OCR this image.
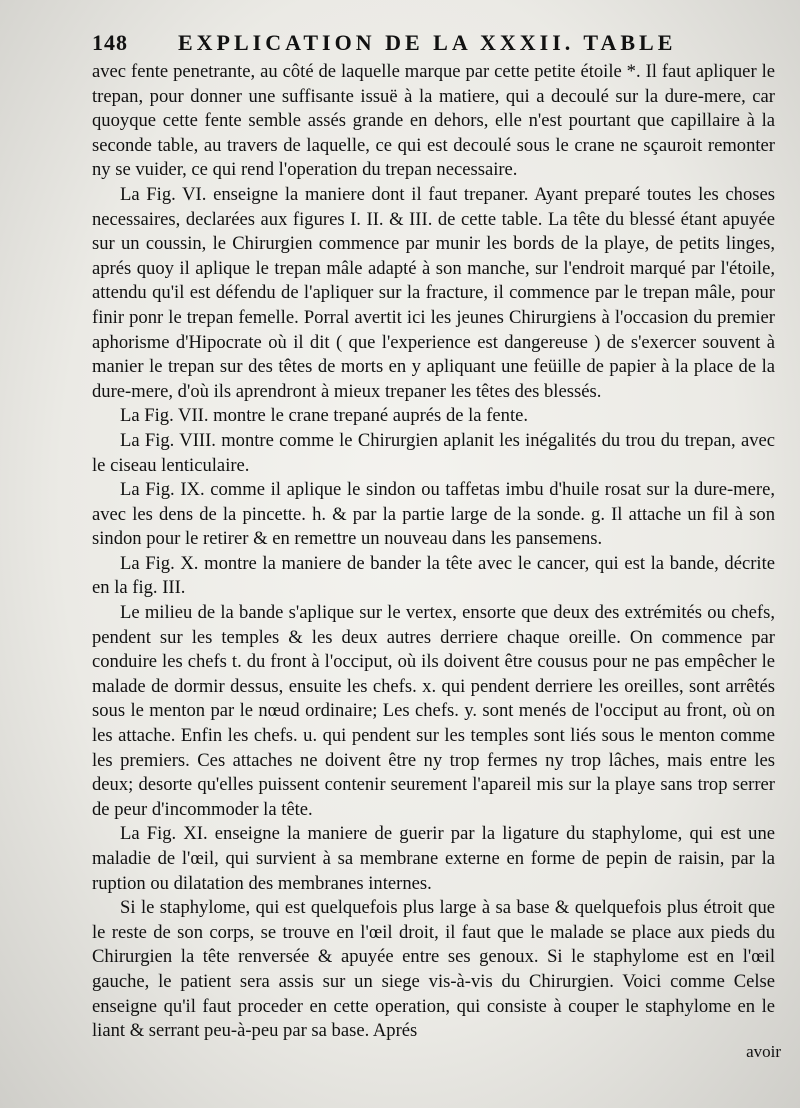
148 EXPLICATION DE LA XXXII. TABLE

avec fente penetrante, au côté de laquelle marque par cette petite étoile *. Il faut apliquer le trepan, pour donner une suffisante issuë à la matiere, qui a decoulé sur la dure-mere, car quoyque cette fente semble assés grande en dehors, elle n'est pourtant que capillaire à la seconde table, au travers de laquelle, ce qui est decoulé sous le crane ne sçauroit remonter ny se vuider, ce qui rend l'operation du trepan necessaire.

La Fig. VI. enseigne la maniere dont il faut trepaner. Ayant preparé toutes les choses necessaires, declarées aux figures I. II. & III. de cette table. La tête du blessé étant apuyée sur un coussin, le Chirurgien commence par munir les bords de la playe, de petits linges, aprés quoy il aplique le trepan mâle adapté à son manche, sur l'endroit marqué par l'étoile, attendu qu'il est défendu de l'apliquer sur la fracture, il commence par le trepan mâle, pour finir ponr le trepan femelle. Porral avertit ici les jeunes Chirurgiens à l'occasion du premier aphorisme d'Hipocrate où il dit ( que l'experience est dangereuse ) de s'exercer souvent à manier le trepan sur des têtes de morts en y apliquant une feüille de papier à la place de la dure-mere, d'où ils aprendront à mieux trepaner les têtes des blessés.

La Fig. VII. montre le crane trepané auprés de la fente.

La Fig. VIII. montre comme le Chirurgien aplanit les inégalités du trou du trepan, avec le ciseau lenticulaire.

La Fig. IX. comme il aplique le sindon ou taffetas imbu d'huile rosat sur la dure-mere, avec les dens de la pincette. h. & par la partie large de la sonde. g. Il attache un fil à son sindon pour le retirer & en remettre un nouveau dans les pansemens.

La Fig. X. montre la maniere de bander la tête avec le cancer, qui est la bande, décrite en la fig. III.

Le milieu de la bande s'aplique sur le vertex, ensorte que deux des extrémités ou chefs, pendent sur les temples & les deux autres derriere chaque oreille. On commence par conduire les chefs t. du front à l'occiput, où ils doivent être cousus pour ne pas empêcher le malade de dormir dessus, ensuite les chefs. x. qui pendent derriere les oreilles, sont arrêtés sous le menton par le nœud ordinaire; Les chefs. y. sont menés de l'occiput au front, où on les attache. Enfin les chefs. u. qui pendent sur les temples sont liés sous le menton comme les premiers. Ces attaches ne doivent être ny trop fermes ny trop lâches, mais entre les deux; desorte qu'elles puissent contenir seurement l'apareil mis sur la playe sans trop serrer de peur d'incommoder la tête.

La Fig. XI. enseigne la maniere de guerir par la ligature du staphylome, qui est une maladie de l'œil, qui survient à sa membrane externe en forme de pepin de raisin, par la ruption ou dilatation des membranes internes.

Si le staphylome, qui est quelquefois plus large à sa base & quelquefois plus étroit que le reste de son corps, se trouve en l'œil droit, il faut que le malade se place aux pieds du Chirurgien la tête renversée & apuyée entre ses genoux. Si le staphylome est en l'œil gauche, le patient sera assis sur un siege vis-à-vis du Chirurgien. Voici comme Celse enseigne qu'il faut proceder en cette operation, qui consiste à couper le staphylome en le liant & serrant peu-à-peu par sa base. Aprés

avoir
